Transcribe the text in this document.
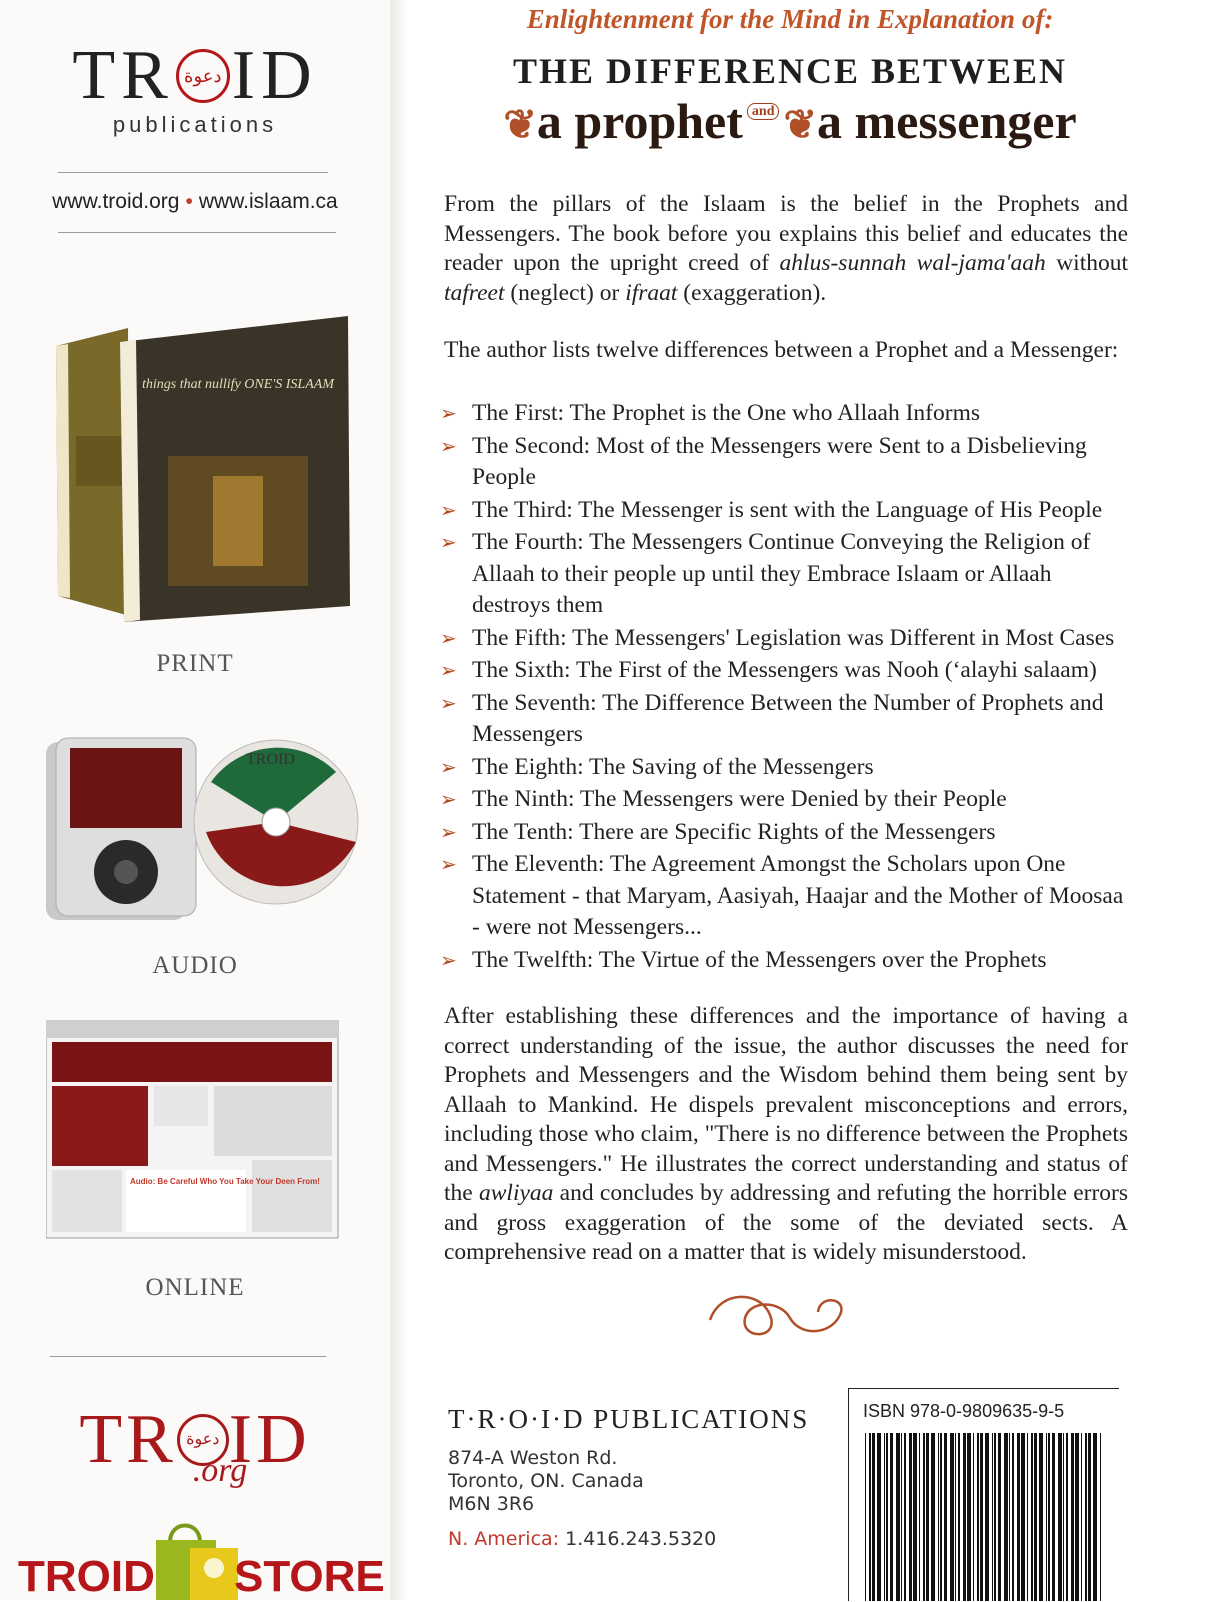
TR دعوة ID
publications
www.troid.org • www.islaam.ca
things that nullify ONE'S ISLAAM
PRINT
TROID
AUDIO
Audio: Be Careful Who You Take Your Deen From!
ONLINE
TR دعوة ID
.org
TROID STORE
Enlightenment for the Mind in Explanation of:
THE DIFFERENCE BETWEEN
❦a prophet $^{and}$ ❦a messenger
From the pillars of the Islaam is the belief in the Prophets and Messengers. The book before you explains this belief and educates the reader upon the upright creed of ahlus-sunnah wal-jama'aah without tafreet (neglect) or ifraat (exaggeration).
The author lists twelve differences between a Prophet and a Messenger:
➢ The First: The Prophet is the One who Allaah Informs
➢ The Second: Most of the Messengers were Sent to a Disbelieving People
➢ The Third: The Messenger is sent with the Language of His People
➢ The Fourth: The Messengers Continue Conveying the Religion of Allaah to their people up until they Embrace Islaam or Allaah destroys them
➢ The Fifth: The Messengers' Legislation was Different in Most Cases
➢ The Sixth: The First of the Messengers was Nooh (‘alayhi salaam)
➢ The Seventh: The Difference Between the Number of Prophets and Messengers
➢ The Eighth: The Saving of the Messengers
➢ The Ninth: The Messengers were Denied by their People
➢ The Tenth: There are Specific Rights of the Messengers
➢ The Eleventh: The Agreement Amongst the Scholars upon One Statement - that Maryam, Aasiyah, Haajar and the Mother of Moosaa - were not Messengers...
➢ The Twelfth: The Virtue of the Messengers over the Prophets
After establishing these differences and the importance of having a correct understanding of the issue, the author discusses the need for Prophets and Messengers and the Wisdom behind them being sent by Allaah to Mankind. He dispels prevalent misconceptions and errors, including those who claim, "There is no difference between the Prophets and Messengers." He illustrates the correct understanding and status of the awliyaa and concludes by addressing and refuting the horrible errors and gross exaggeration of the some of the deviated sects. A comprehensive read on a matter that is widely misunderstood.
T·R·O·I·D PUBLICATIONS
874-A Weston Rd.
Toronto, ON. Canada
M6N 3R6
N. America: 1.416.243.5320
ISBN 978-0-9809635-9-5
